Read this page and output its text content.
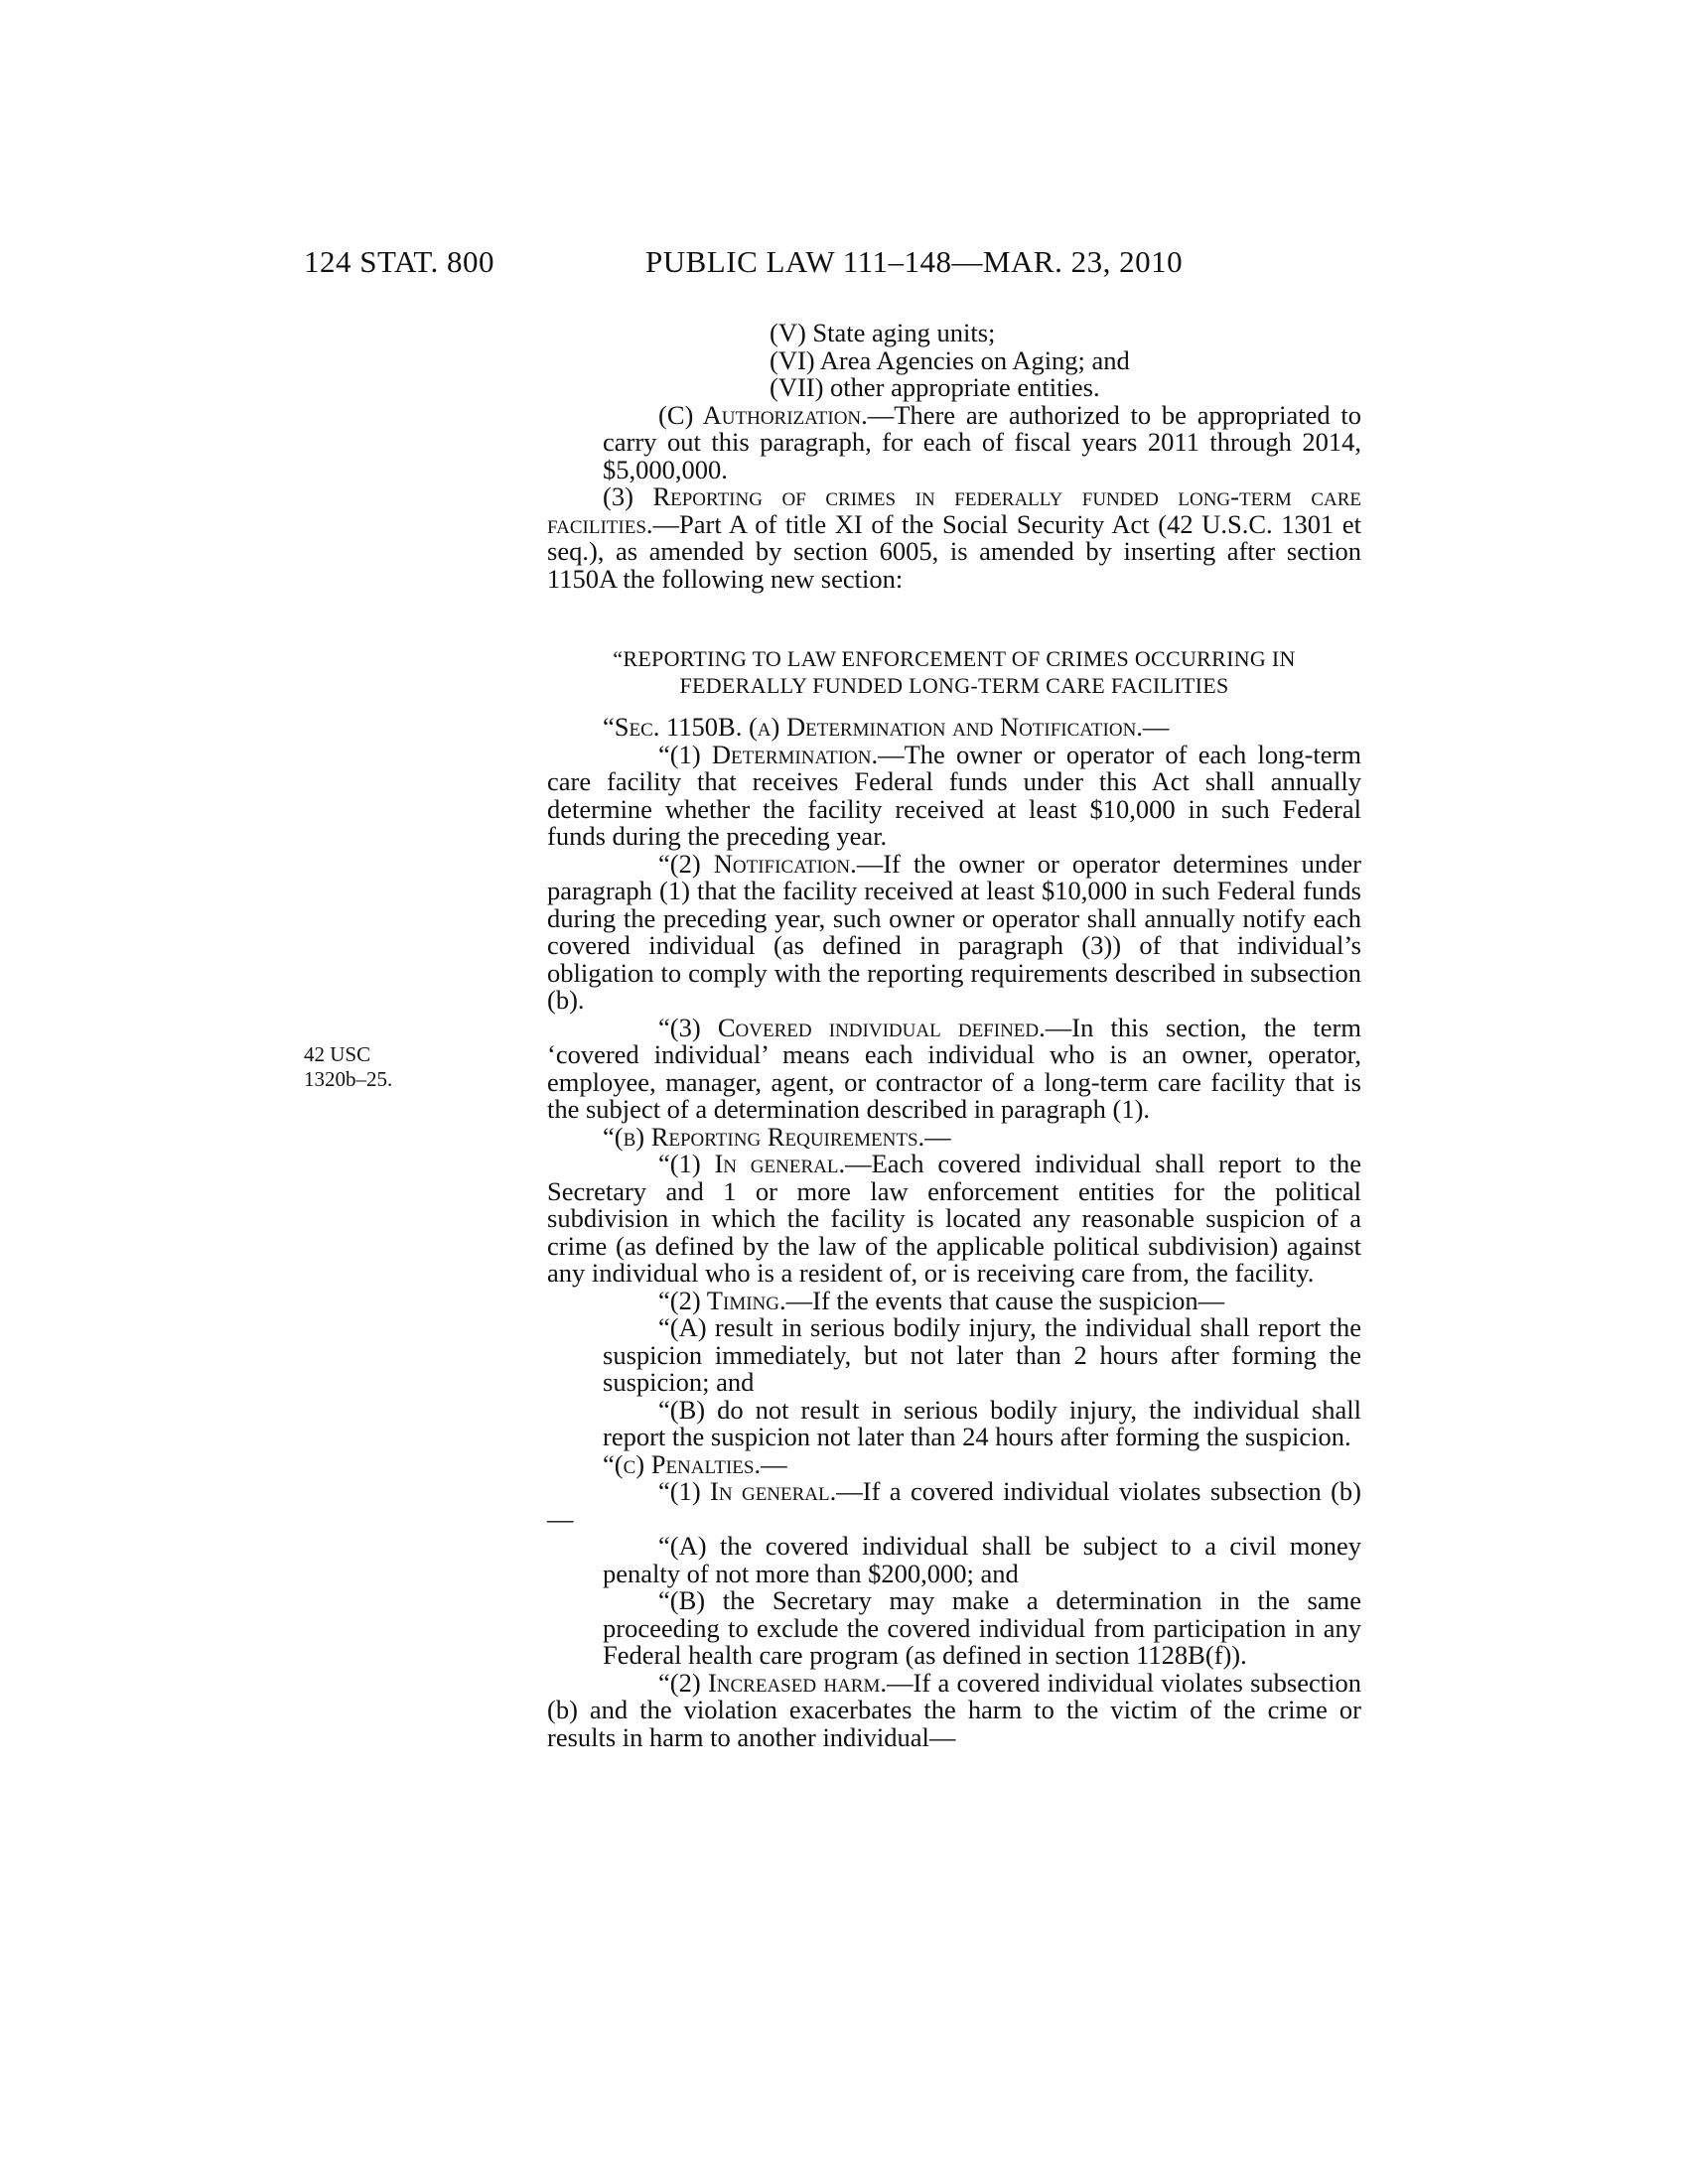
124 STAT. 800	PUBLIC LAW 111–148—MAR. 23, 2010
42 USC
1320b–25.
(V) State aging units;
(VI) Area Agencies on Aging; and
(VII) other appropriate entities.
(C) Authorization.—There are authorized to be appropriated to carry out this paragraph, for each of fiscal years 2011 through 2014, $5,000,000.
(3) Reporting of crimes in federally funded long-term care facilities.—Part A of title XI of the Social Security Act (42 U.S.C. 1301 et seq.), as amended by section 6005, is amended by inserting after section 1150A the following new section:
“REPORTING TO LAW ENFORCEMENT OF CRIMES OCCURRING IN
FEDERALLY FUNDED LONG-TERM CARE FACILITIES
“Sec. 1150B. (a) Determination and Notification.—
“(1) Determination.—The owner or operator of each long-term care facility that receives Federal funds under this Act shall annually determine whether the facility received at least $10,000 in such Federal funds during the preceding year.
“(2) Notification.—If the owner or operator determines under paragraph (1) that the facility received at least $10,000 in such Federal funds during the preceding year, such owner or operator shall annually notify each covered individual (as defined in paragraph (3)) of that individual’s obligation to comply with the reporting requirements described in subsection (b).
“(3) Covered individual defined.—In this section, the term ‘covered individual’ means each individual who is an owner, operator, employee, manager, agent, or contractor of a long-term care facility that is the subject of a determination described in paragraph (1).
“(b) Reporting Requirements.—
“(1) In general.—Each covered individual shall report to the Secretary and 1 or more law enforcement entities for the political subdivision in which the facility is located any reasonable suspicion of a crime (as defined by the law of the applicable political subdivision) against any individual who is a resident of, or is receiving care from, the facility.
“(2) Timing.—If the events that cause the suspicion—
“(A) result in serious bodily injury, the individual shall report the suspicion immediately, but not later than 2 hours after forming the suspicion; and
“(B) do not result in serious bodily injury, the individual shall report the suspicion not later than 24 hours after forming the suspicion.
“(c) Penalties.—
“(1) In general.—If a covered individual violates subsection (b)—
“(A) the covered individual shall be subject to a civil money penalty of not more than $200,000; and
“(B) the Secretary may make a determination in the same proceeding to exclude the covered individual from participation in any Federal health care program (as defined in section 1128B(f)).
“(2) Increased harm.—If a covered individual violates subsection (b) and the violation exacerbates the harm to the victim of the crime or results in harm to another individual—
